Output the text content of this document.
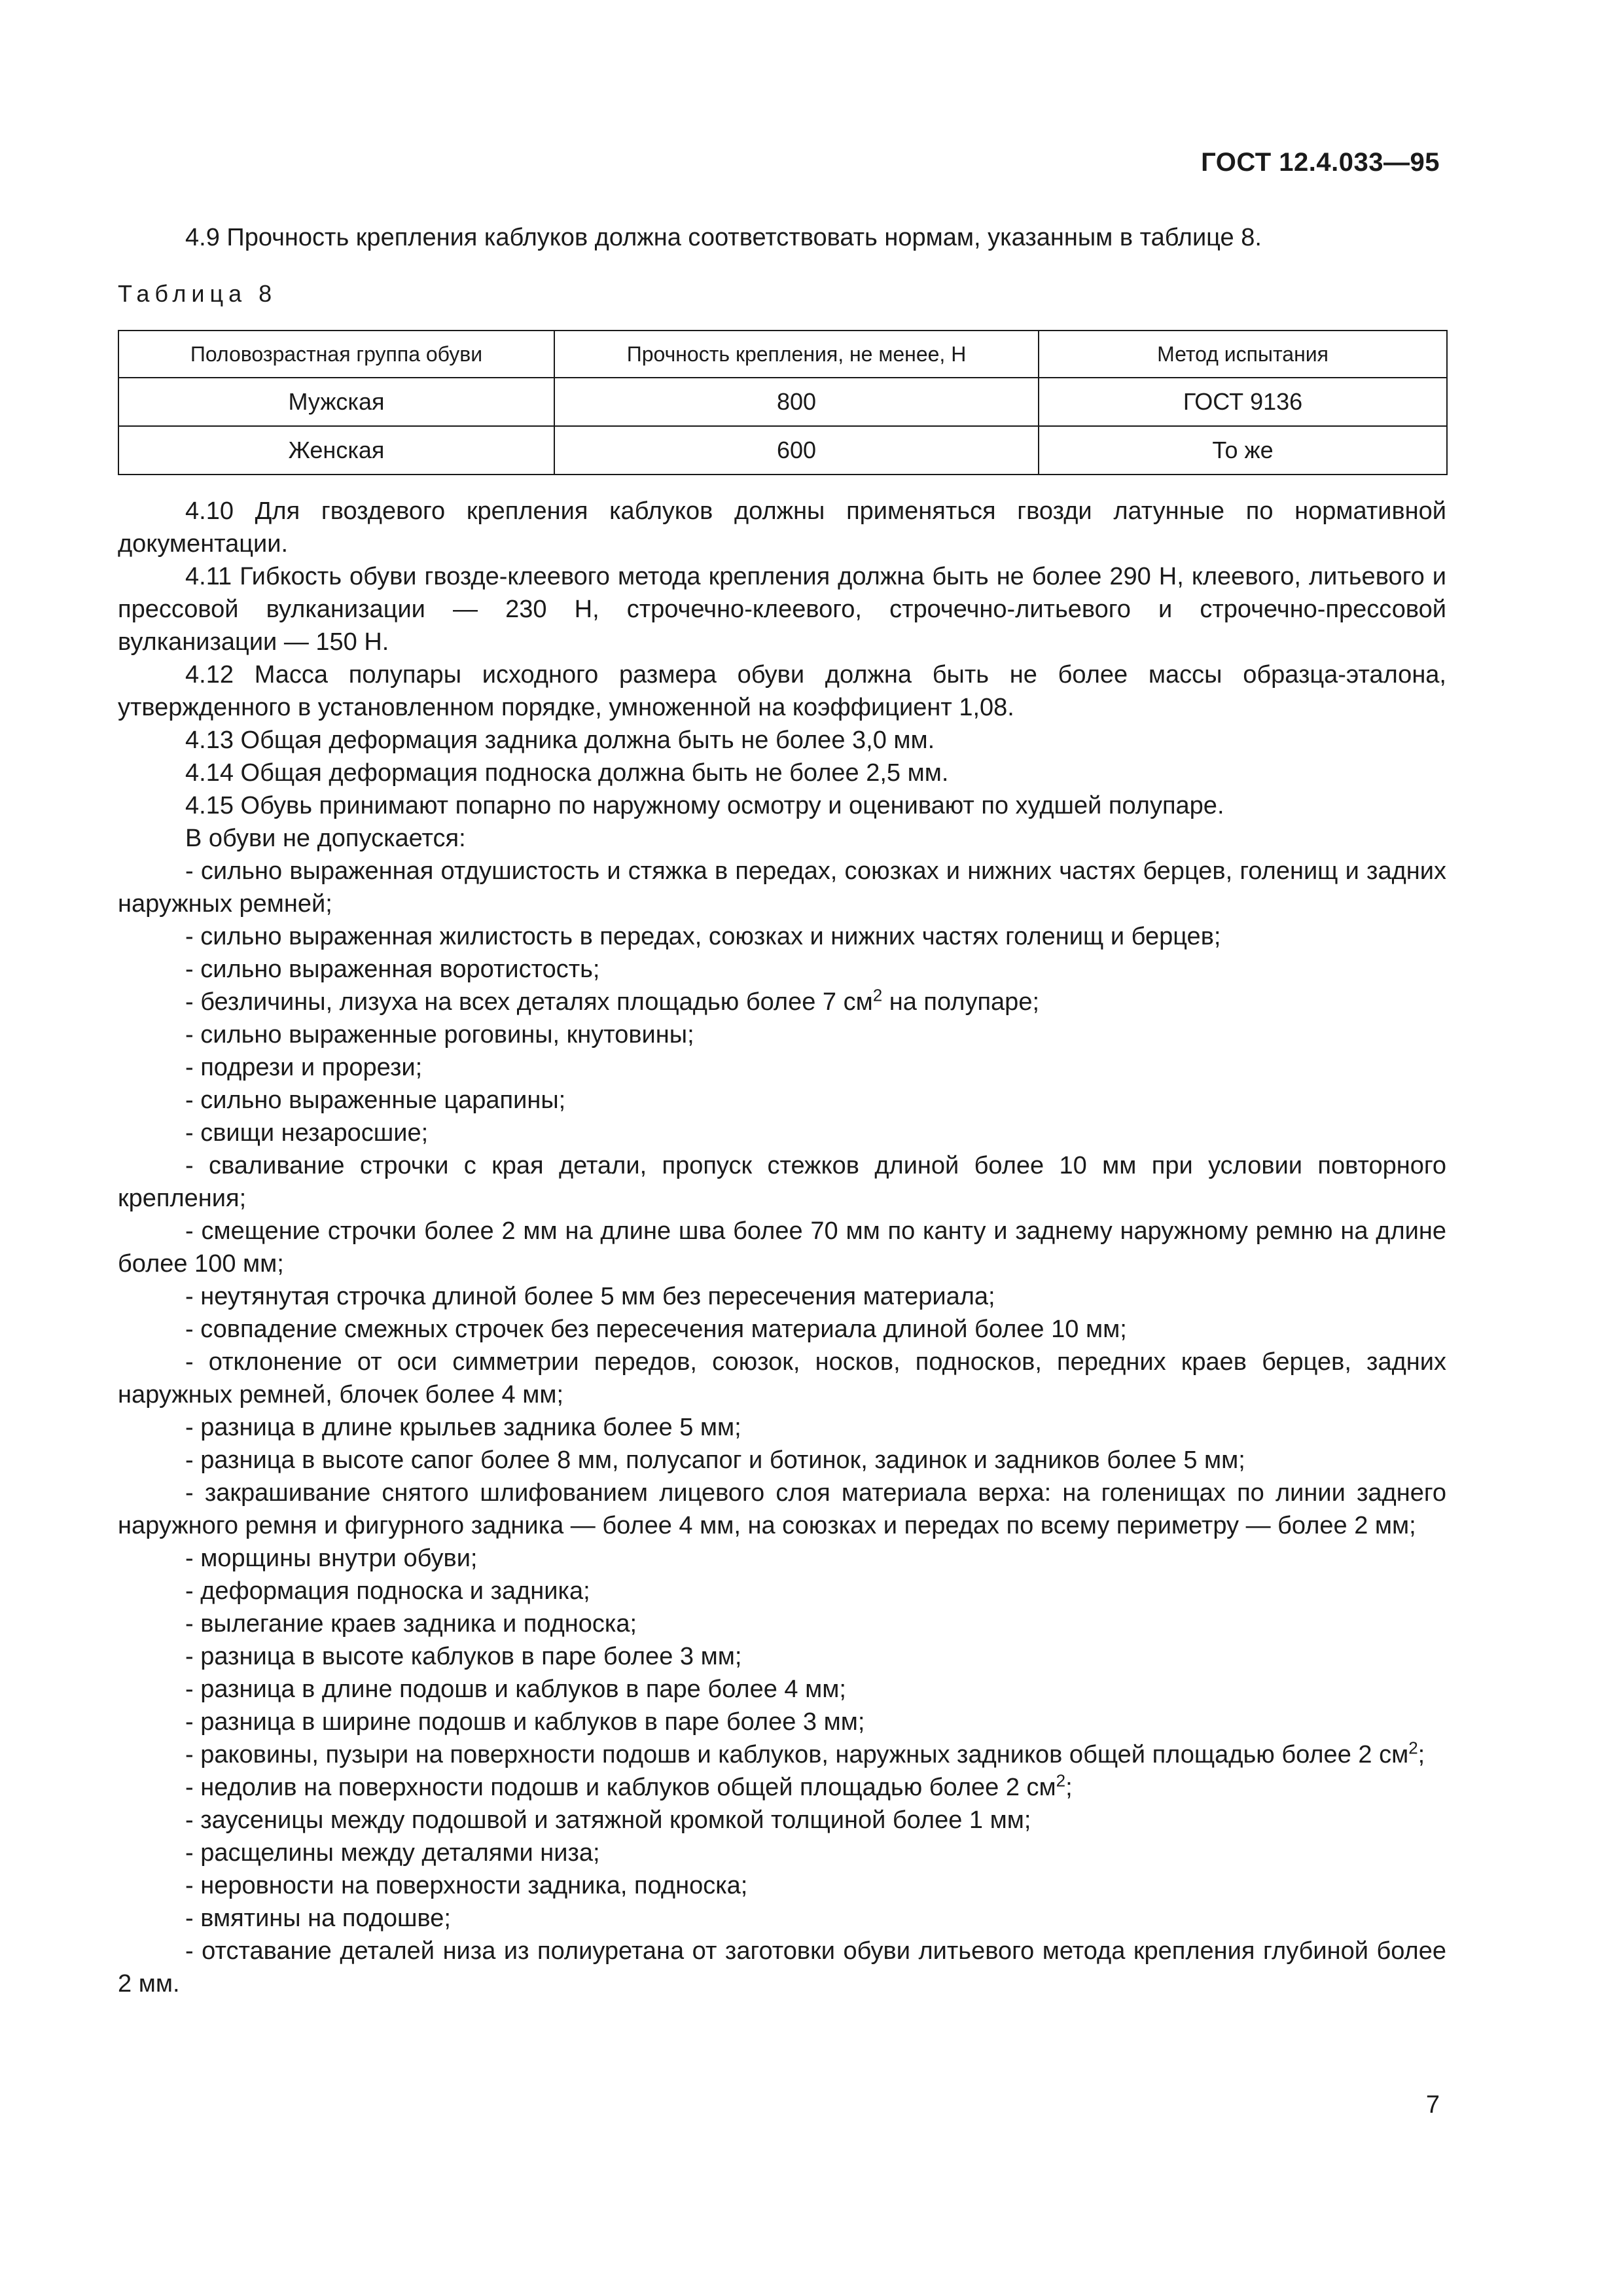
ГОСТ 12.4.033—95
4.9 Прочность крепления каблуков должна соответствовать нормам, указанным в таблице 8.
Таблица 8
Половозрастная группа обуви	Прочность крепления, не менее, Н	Метод испытания
Мужская	800	ГОСТ 9136
Женская	600	То же

4.10 Для гвоздевого крепления каблуков должны применяться гвозди латунные по нормативной документации.

4.11 Гибкость обуви гвозде-клеевого метода крепления должна быть не более 290 Н, клеевого, литьевого и прессовой вулканизации — 230 Н, строчечно-клеевого, строчечно-литьевого и строчечно-прессовой вулканизации — 150 Н.

4.12 Масса полупары исходного размера обуви должна быть не более массы образца-эталона, утвержденного в установленном порядке, умноженной на коэффициент 1,08.

4.13 Общая деформация задника должна быть не более 3,0 мм.

4.14 Общая деформация подноска должна быть не более 2,5 мм.

4.15 Обувь принимают попарно по наружному осмотру и оценивают по худшей полупаре.

В обуви не допускается:

- сильно выраженная отдушистость и стяжка в передах, союзках и нижних частях берцев, голенищ и задних наружных ремней;

- сильно выраженная жилистость в передах, союзках и нижних частях голенищ и берцев;

- сильно выраженная воротистость;

- безличины, лизуха на всех деталях площадью более 7 $см^2$ на полупаре;

- сильно выраженные роговины, кнутовины;

- подрези и прорези;

- сильно выраженные царапины;

- свищи незаросшие;

- сваливание строчки с края детали, пропуск стежков длиной более 10 мм при условии повторного крепления;

- смещение строчки более 2 мм на длине шва более 70 мм по канту и заднему наружному ремню на длине более 100 мм;

- неутянутая строчка длиной более 5 мм без пересечения материала;

- совпадение смежных строчек без пересечения материала длиной более 10 мм;

- отклонение от оси симметрии передов, союзок, носков, подносков, передних краев берцев, задних наружных ремней, блочек более 4 мм;

- разница в длине крыльев задника более 5 мм;

- разница в высоте сапог более 8 мм, полусапог и ботинок, задинок и задников более 5 мм;

- закрашивание снятого шлифованием лицевого слоя материала верха: на голенищах по линии заднего наружного ремня и фигурного задника — более 4 мм, на союзках и передах по всему периметру — более 2 мм;

- морщины внутри обуви;

- деформация подноска и задника;

- вылегание краев задника и подноска;

- разница в высоте каблуков в паре более 3 мм;

- разница в длине подошв и каблуков в паре более 4 мм;

- разница в ширине подошв и каблуков в паре более 3 мм;

- раковины, пузыри на поверхности подошв и каблуков, наружных задников общей площадью более 2 $см^2$;

- недолив на поверхности подошв и каблуков общей площадью более 2 $см^2$;

- заусеницы между подошвой и затяжной кромкой толщиной более 1 мм;

- расщелины между деталями низа;

- неровности на поверхности задника, подноска;

- вмятины на подошве;

- отставание деталей низа из полиуретана от заготовки обуви литьевого метода крепления глубиной более 2 мм.

7
